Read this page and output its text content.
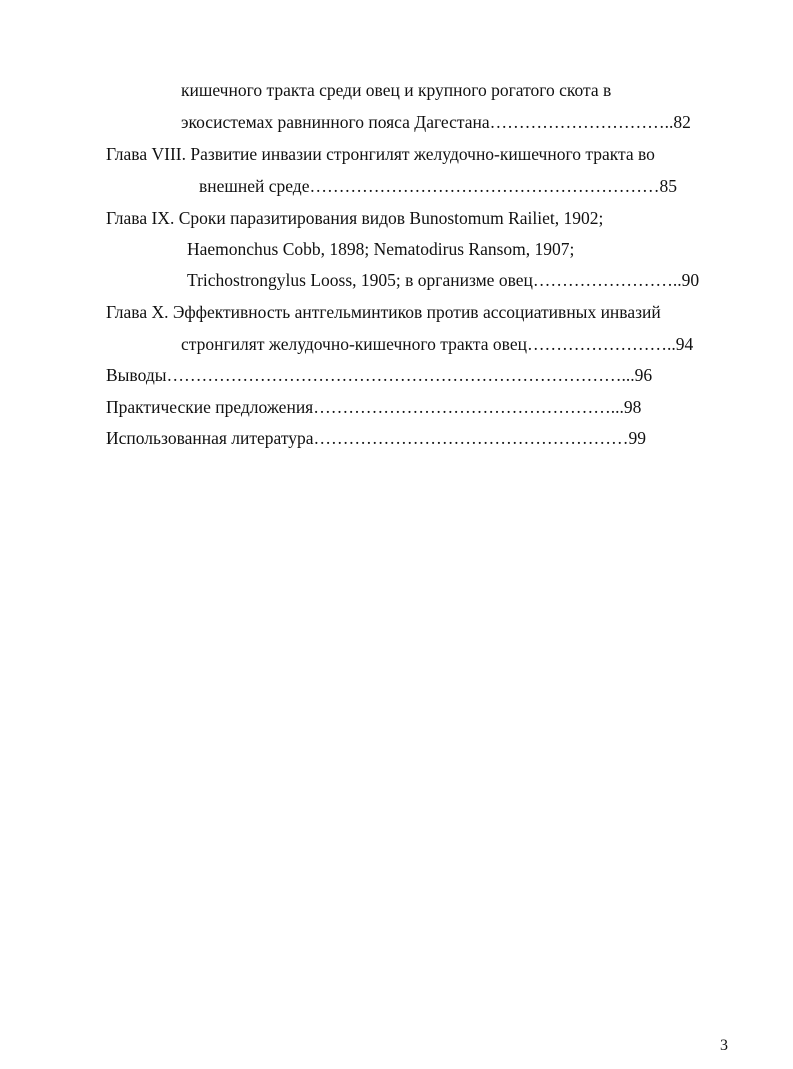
кишечного тракта среди овец и крупного рогатого скота в
экосистемах равнинного пояса Дагестана…………………………..82
Глава VIII. Развитие инвазии стронгилят желудочно-кишечного тракта во
внешней среде……………………………………………………85
Глава IX. Сроки паразитирования видов Bunostomum Railiet, 1902;
Haemonchus Cobb, 1898; Nematodirus Ransom, 1907;
Trichostrongylus Looss, 1905; в организме овец……………………..90
Глава X. Эффективность антгельминтиков против ассоциативных инвазий
стронгилят желудочно-кишечного тракта овец……………………..94
Выводы……………………………………………………………………...96
Практические предложения……………………………………………...98
Использованная литература………………………………………………99
3
